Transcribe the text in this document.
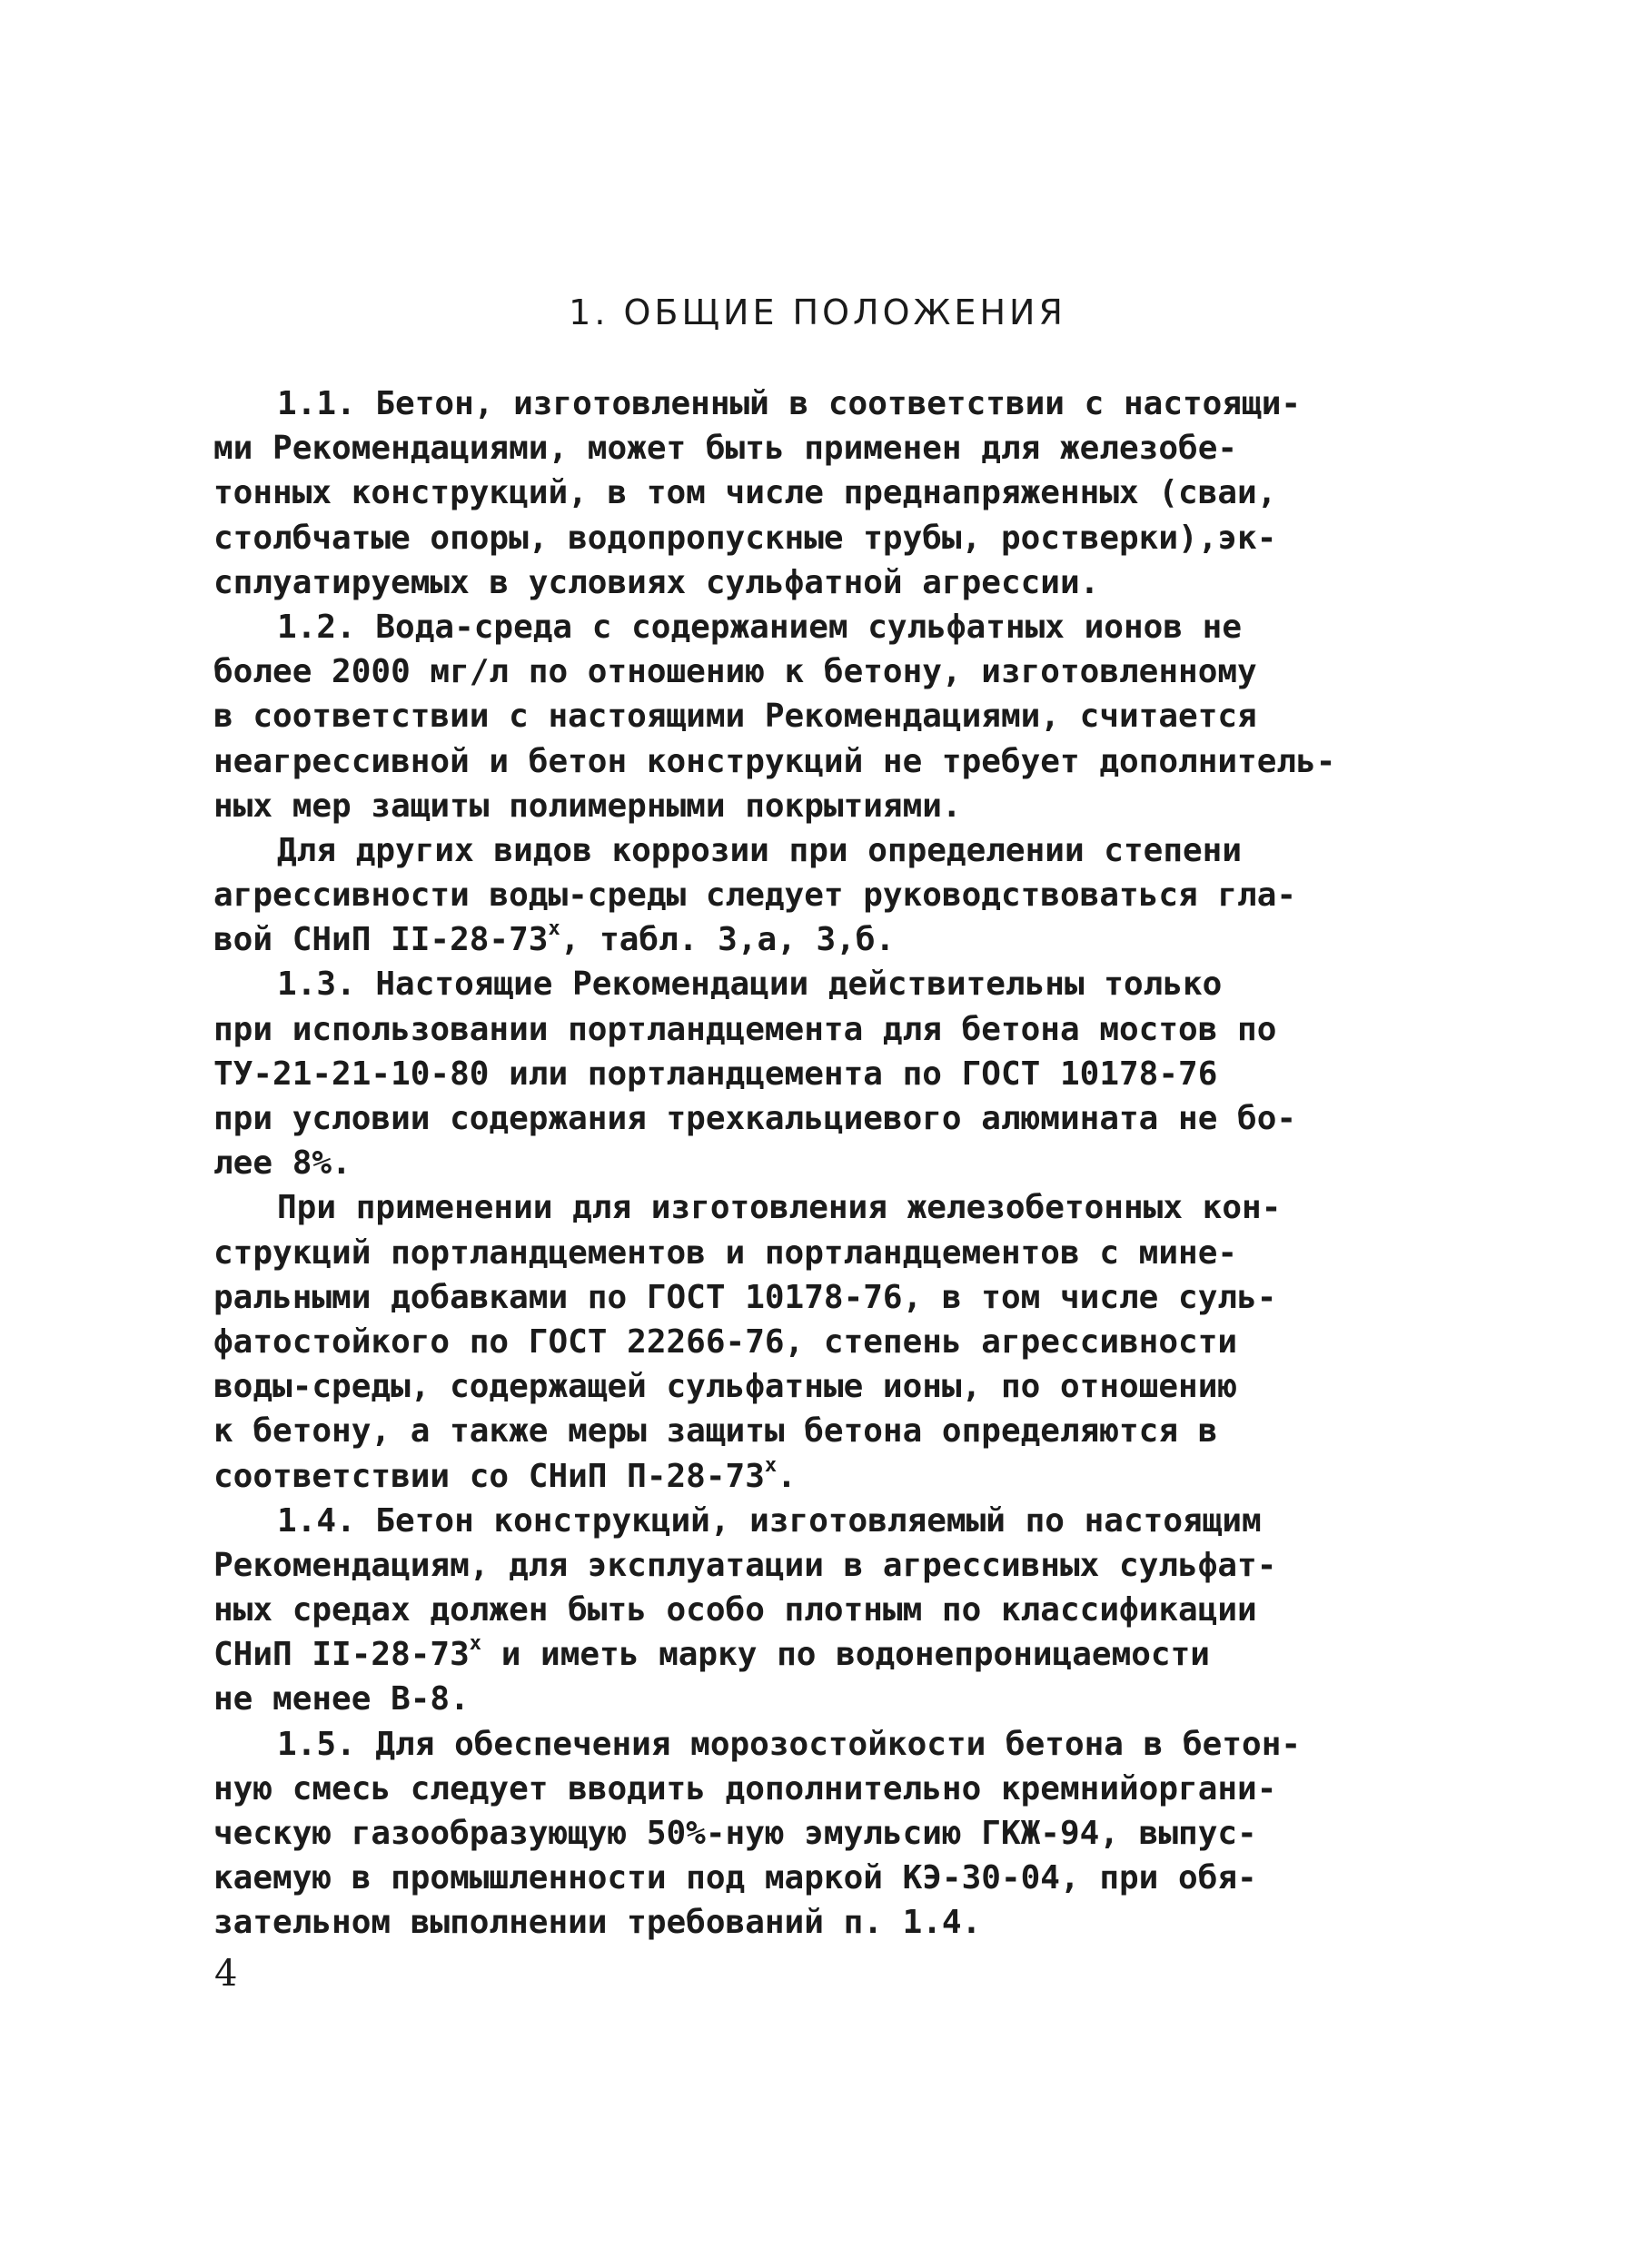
1. ОБЩИЕ ПОЛОЖЕНИЯ
1.1. Бетон, изготовленный в соответствии с настоящи-
ми Рекомендациями, может быть применен для железобе-
тонных конструкций, в том числе преднапряженных (сваи,
столбчатые опоры, водопропускные трубы, ростверки),эк-
сплуатируемых в условиях сульфатной агрессии.
1.2. Вода-среда с содержанием сульфатных ионов не
более 2000 мг/л по отношению к бетону, изготовленному
в соответствии с настоящими Рекомендациями, считается
неагрессивной и бетон конструкций не требует дополнитель-
ных мер защиты полимерными покрытиями.
Для других видов коррозии при определении степени
агрессивности воды-среды следует руководствоваться гла-
вой СНиП $II-28-73^х$, табл. 3,а, 3,б.
1.3. Настоящие Рекомендации действительны только
при использовании портландцемента для бетона мостов по
ТУ-21-21-10-80 или портландцемента по ГОСТ 10178-76
при условии содержания трехкальциевого алюмината не бо-
лее 8%.
При применении для изготовления железобетонных кон-
струкций портландцементов и портландцементов с мине-
ральными добавками по ГОСТ 10178-76, в том числе суль-
фатостойкого по ГОСТ 22266-76, степень агрессивности
воды-среды, содержащей сульфатные ионы, по отношению
к бетону, а также меры защиты бетона определяются в
соответствии со СНиП $П-28-73^х$.
1.4. Бетон конструкций, изготовляемый по настоящим
Рекомендациям, для эксплуатации в агрессивных сульфат-
ных средах должен быть особо плотным по классификации
СНиП $II-28-73^х$ и иметь марку по водонепроницаемости
не менее В-8.
1.5. Для обеспечения морозостойкости бетона в бетон-
ную смесь следует вводить дополнительно кремнийоргани-
ческую газообразующую 50%-ную эмульсию ГКЖ-94, выпус-
каемую в промышленности под маркой КЭ-30-04, при обя-
зательном выполнении требований п. 1.4.
4
